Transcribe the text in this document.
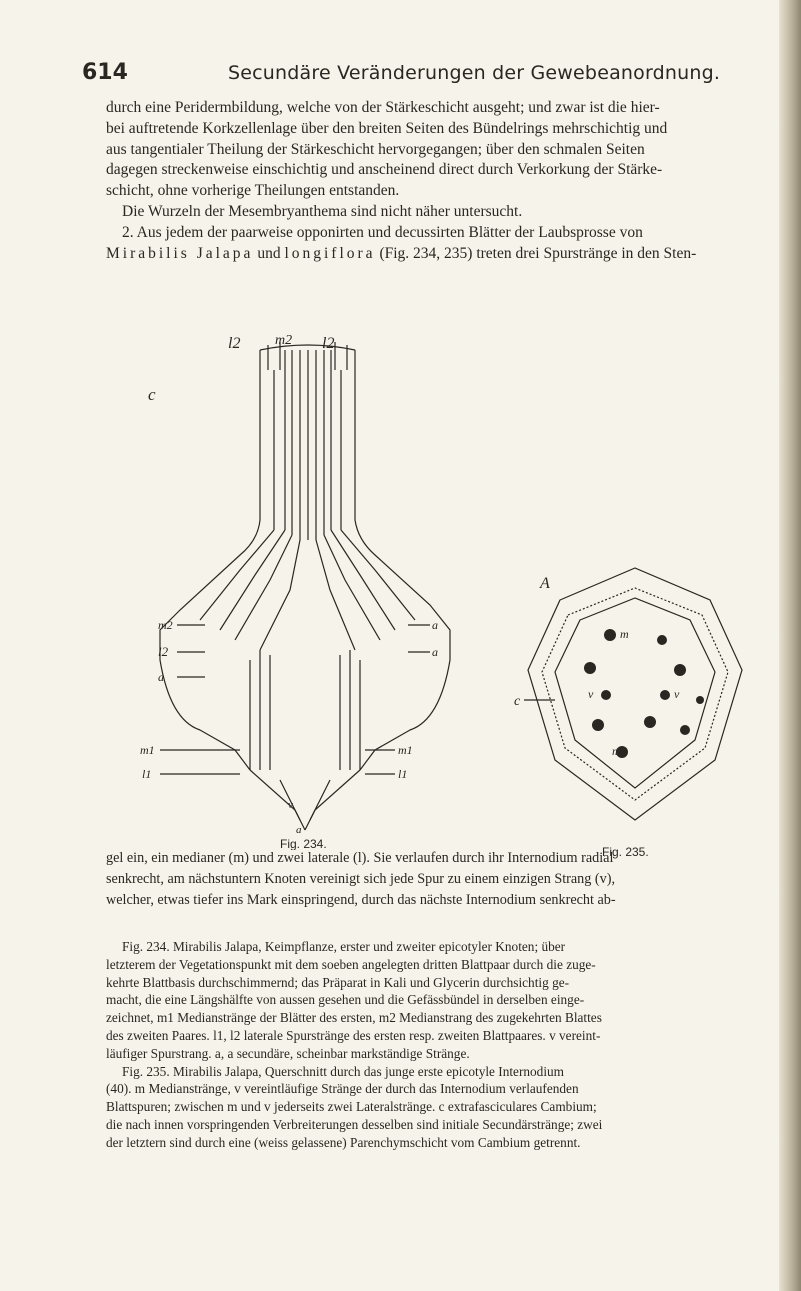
614	Secundäre Veränderungen der Gewebeanordnung.
durch eine Peridermbildung, welche von der Stärkeschicht ausgeht; und zwar ist die hier-
bei auftretende Korkzellenlage über den breiten Seiten des Bündelrings mehrschichtig und
aus tangentialer Theilung der Stärkeschicht hervorgegangen; über den schmalen Seiten
dagegen streckenweise einschichtig und anscheinend direct durch Verkorkung der Stärke-
schicht, ohne vorherige Theilungen entstanden.
Die Wurzeln der Mesembryanthema sind nicht näher untersucht.
2. Aus jedem der paarweise opponirten und decussirten Blätter der Laubsprosse von
Mirabilis Jalapa und longiflora (Fig. 234, 235) treten drei Spurstränge in den Sten-
l2 m2 l2
c
m2
l2
a
a
a
m1
l1
m1
l1
v
a
Fig. 234.
A
c
m
v	v
m
Fig. 235.
gel ein, ein medianer (m) und zwei laterale (l). Sie verlaufen durch ihr Internodium radial
senkrecht, am nächstuntern Knoten vereinigt sich jede Spur zu einem einzigen Strang (v),
welcher, etwas tiefer ins Mark einspringend, durch das nächste Internodium senkrecht ab-
Fig. 234. Mirabilis Jalapa, Keimpflanze, erster und zweiter epicotyler Knoten; über
letzterem der Vegetationspunkt mit dem soeben angelegten dritten Blattpaar durch die zuge-
kehrte Blattbasis durchschimmernd; das Präparat in Kali und Glycerin durchsichtig ge-
macht, die eine Längshälfte von aussen gesehen und die Gefässbündel in derselben einge-
zeichnet, m1 Medianstränge der Blätter des ersten, m2 Medianstrang des zugekehrten Blattes
des zweiten Paares. l1, l2 laterale Spurstränge des ersten resp. zweiten Blattpaares. v vereint-
läufiger Spurstrang. a, a secundäre, scheinbar markständige Stränge.
Fig. 235. Mirabilis Jalapa, Querschnitt durch das junge erste epicotyle Internodium
(40). m Medianstränge, v vereintläufige Stränge der durch das Internodium verlaufenden
Blattspuren; zwischen m und v jederseits zwei Lateralstränge. c extrafasciculares Cambium;
die nach innen vorspringenden Verbreiterungen desselben sind initiale Secundärstränge; zwei
der letztern sind durch eine (weiss gelassene) Parenchymschicht vom Cambium getrennt.
